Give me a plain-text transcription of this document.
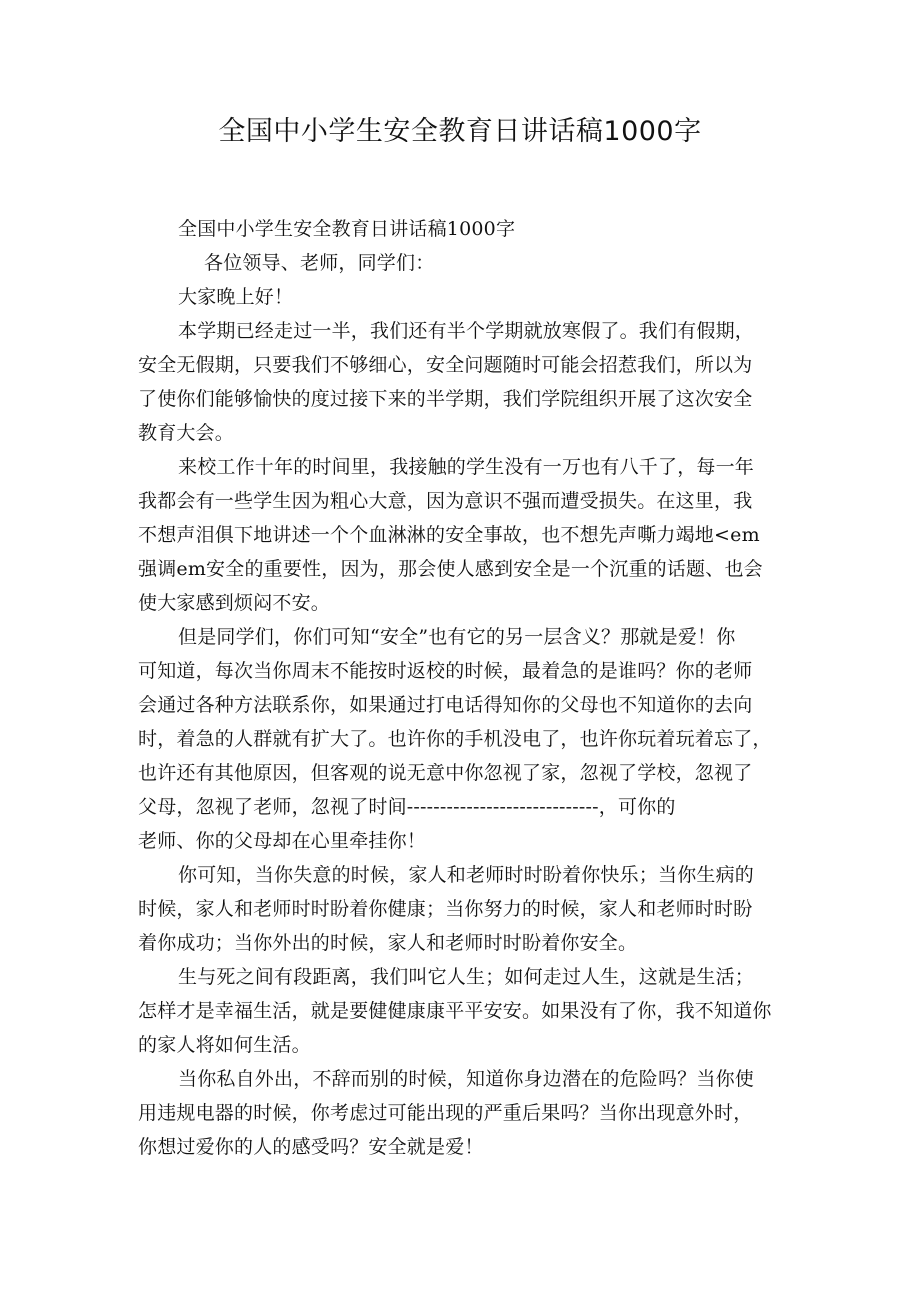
全国中小学生安全教育日讲话稿1000字
全国中小学生安全教育日讲话稿1000字
各位领导、老师，同学们：
大家晚上好！
本学期已经走过一半，我们还有半个学期就放寒假了。我们有假期，
安全无假期，只要我们不够细心，安全问题随时可能会招惹我们，所以为
了使你们能够愉快的度过接下来的半学期，我们学院组织开展了这次安全
教育大会。
来校工作十年的时间里，我接触的学生没有一万也有八千了，每一年
我都会有一些学生因为粗心大意，因为意识不强而遭受损失。在这里，我
不想声泪俱下地讲述一个个血淋淋的安全事故，也不想先声嘶力竭地<em
强调em安全的重要性，因为，那会使人感到安全是一个沉重的话题、也会
使大家感到烦闷不安。
但是同学们，你们可知“安全”也有它的另一层含义？那就是爱！你
可知道，每次当你周末不能按时返校的时候，最着急的是谁吗？你的老师
会通过各种方法联系你，如果通过打电话得知你的父母也不知道你的去向
时，着急的人群就有扩大了。也许你的手机没电了，也许你玩着玩着忘了，
也许还有其他原因，但客观的说无意中你忽视了家，忽视了学校，忽视了
父母，忽视了老师，忽视了时间-----------------------------，可你的
老师、你的父母却在心里牵挂你！
你可知，当你失意的时候，家人和老师时时盼着你快乐；当你生病的
时候，家人和老师时时盼着你健康；当你努力的时候，家人和老师时时盼
着你成功；当你外出的时候，家人和老师时时盼着你安全。
生与死之间有段距离，我们叫它人生；如何走过人生，这就是生活；
怎样才是幸福生活，就是要健健康康平平安安。如果没有了你，我不知道你
的家人将如何生活。
当你私自外出，不辞而别的时候，知道你身边潜在的危险吗？当你使
用违规电器的时候，你考虑过可能出现的严重后果吗？当你出现意外时，
你想过爱你的人的感受吗？安全就是爱！
